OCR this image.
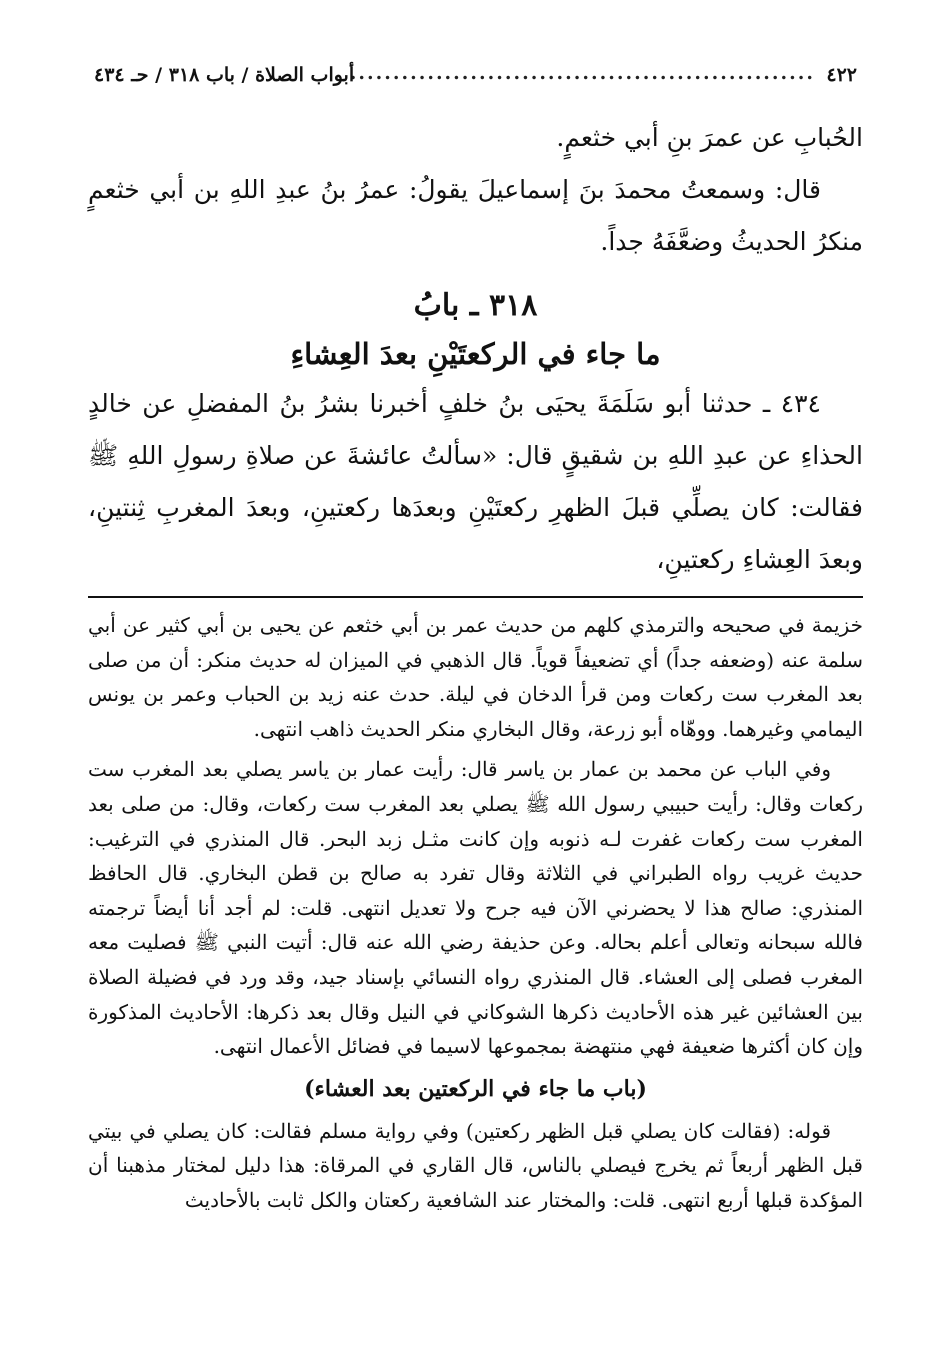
٤٢٢
......................................................
أبواب الصلاة / باب ٣١٨ / حـ ٤٣٤

الحُبابِ عن عمرَ بنِ أبي خثعمٍ.

قال: وسمعتُ محمدَ بنَ إسماعيلَ يقولُ: عمرُ بنُ عبدِ اللهِ بن أبي خثعمٍ منكرُ الحديثُ وضعَّفَهُ جداً.

٣١٨ ـ بابُ
ما جاء في الركعتَيْنِ بعدَ العِشاءِ

٤٣٤ ـ حدثنا أبو سَلَمَةَ يحيَى بنُ خلفٍ أخبرنا بشرُ بنُ المفضلِ عن خالدٍ الحذاءِ عن عبدِ اللهِ بن شقيقٍ قال: «سألتُ عائشةَ عن صلاةِ رسولِ اللهِ ﷺ فقالت: كان يصلِّي قبلَ الظهرِ ركعتَيْنِ وبعدَها ركعتينِ، وبعدَ المغربِ ثِنتينِ، وبعدَ العِشاءِ ركعتينِ،

خزيمة في صحيحه والترمذي كلهم من حديث عمر بن أبي خثعم عن يحيى بن أبي كثير عن أبي سلمة عنه (وضعفه جداً) أي تضعيفاً قوياً. قال الذهبي في الميزان له حديث منكر: أن من صلى بعد المغرب ست ركعات ومن قرأ الدخان في ليلة. حدث عنه زيد بن الحباب وعمر بن يونس اليمامي وغيرهما. ووهّاه أبو زرعة، وقال البخاري منكر الحديث ذاهب انتهى.

وفي الباب عن محمد بن عمار بن ياسر قال: رأيت عمار بن ياسر يصلي بعد المغرب ست ركعات وقال: رأيت حبيبي رسول الله ﷺ يصلي بعد المغرب ست ركعات، وقال: من صلى بعد المغرب ست ركعات غفرت لـه ذنوبه وإن كانت مثـل زبد البحر. قال المنذري في الترغيب: حديث غريب رواه الطبراني في الثلاثة وقال تفرد به صالح بن قطن البخاري. قال الحافظ المنذري: صالح هذا لا يحضرني الآن فيه جرح ولا تعديل انتهى. قلت: لم أجد أنا أيضاً ترجمته فالله سبحانه وتعالى أعلم بحاله. وعن حذيفة رضي الله عنه قال: أتيت النبي ﷺ فصليت معه المغرب فصلى إلى العشاء. قال المنذري رواه النسائي بإسناد جيد، وقد ورد في فضيلة الصلاة بين العشائين غير هذه الأحاديث ذكرها الشوكاني في النيل وقال بعد ذكرها: الأحاديث المذكورة وإن كان أكثرها ضعيفة فهي منتهضة بمجموعها لاسيما في فضائل الأعمال انتهى.

(باب ما جاء في الركعتين بعد العشاء)

قوله: (فقالت كان يصلي قبل الظهر ركعتين) وفي رواية مسلم فقالت: كان يصلي في بيتي قبل الظهر أربعاً ثم يخرج فيصلي بالناس، قال القاري في المرقاة: هذا دليل لمختار مذهبنا أن المؤكدة قبلها أربع انتهى. قلت: والمختار عند الشافعية ركعتان والكل ثابت بالأحاديث
